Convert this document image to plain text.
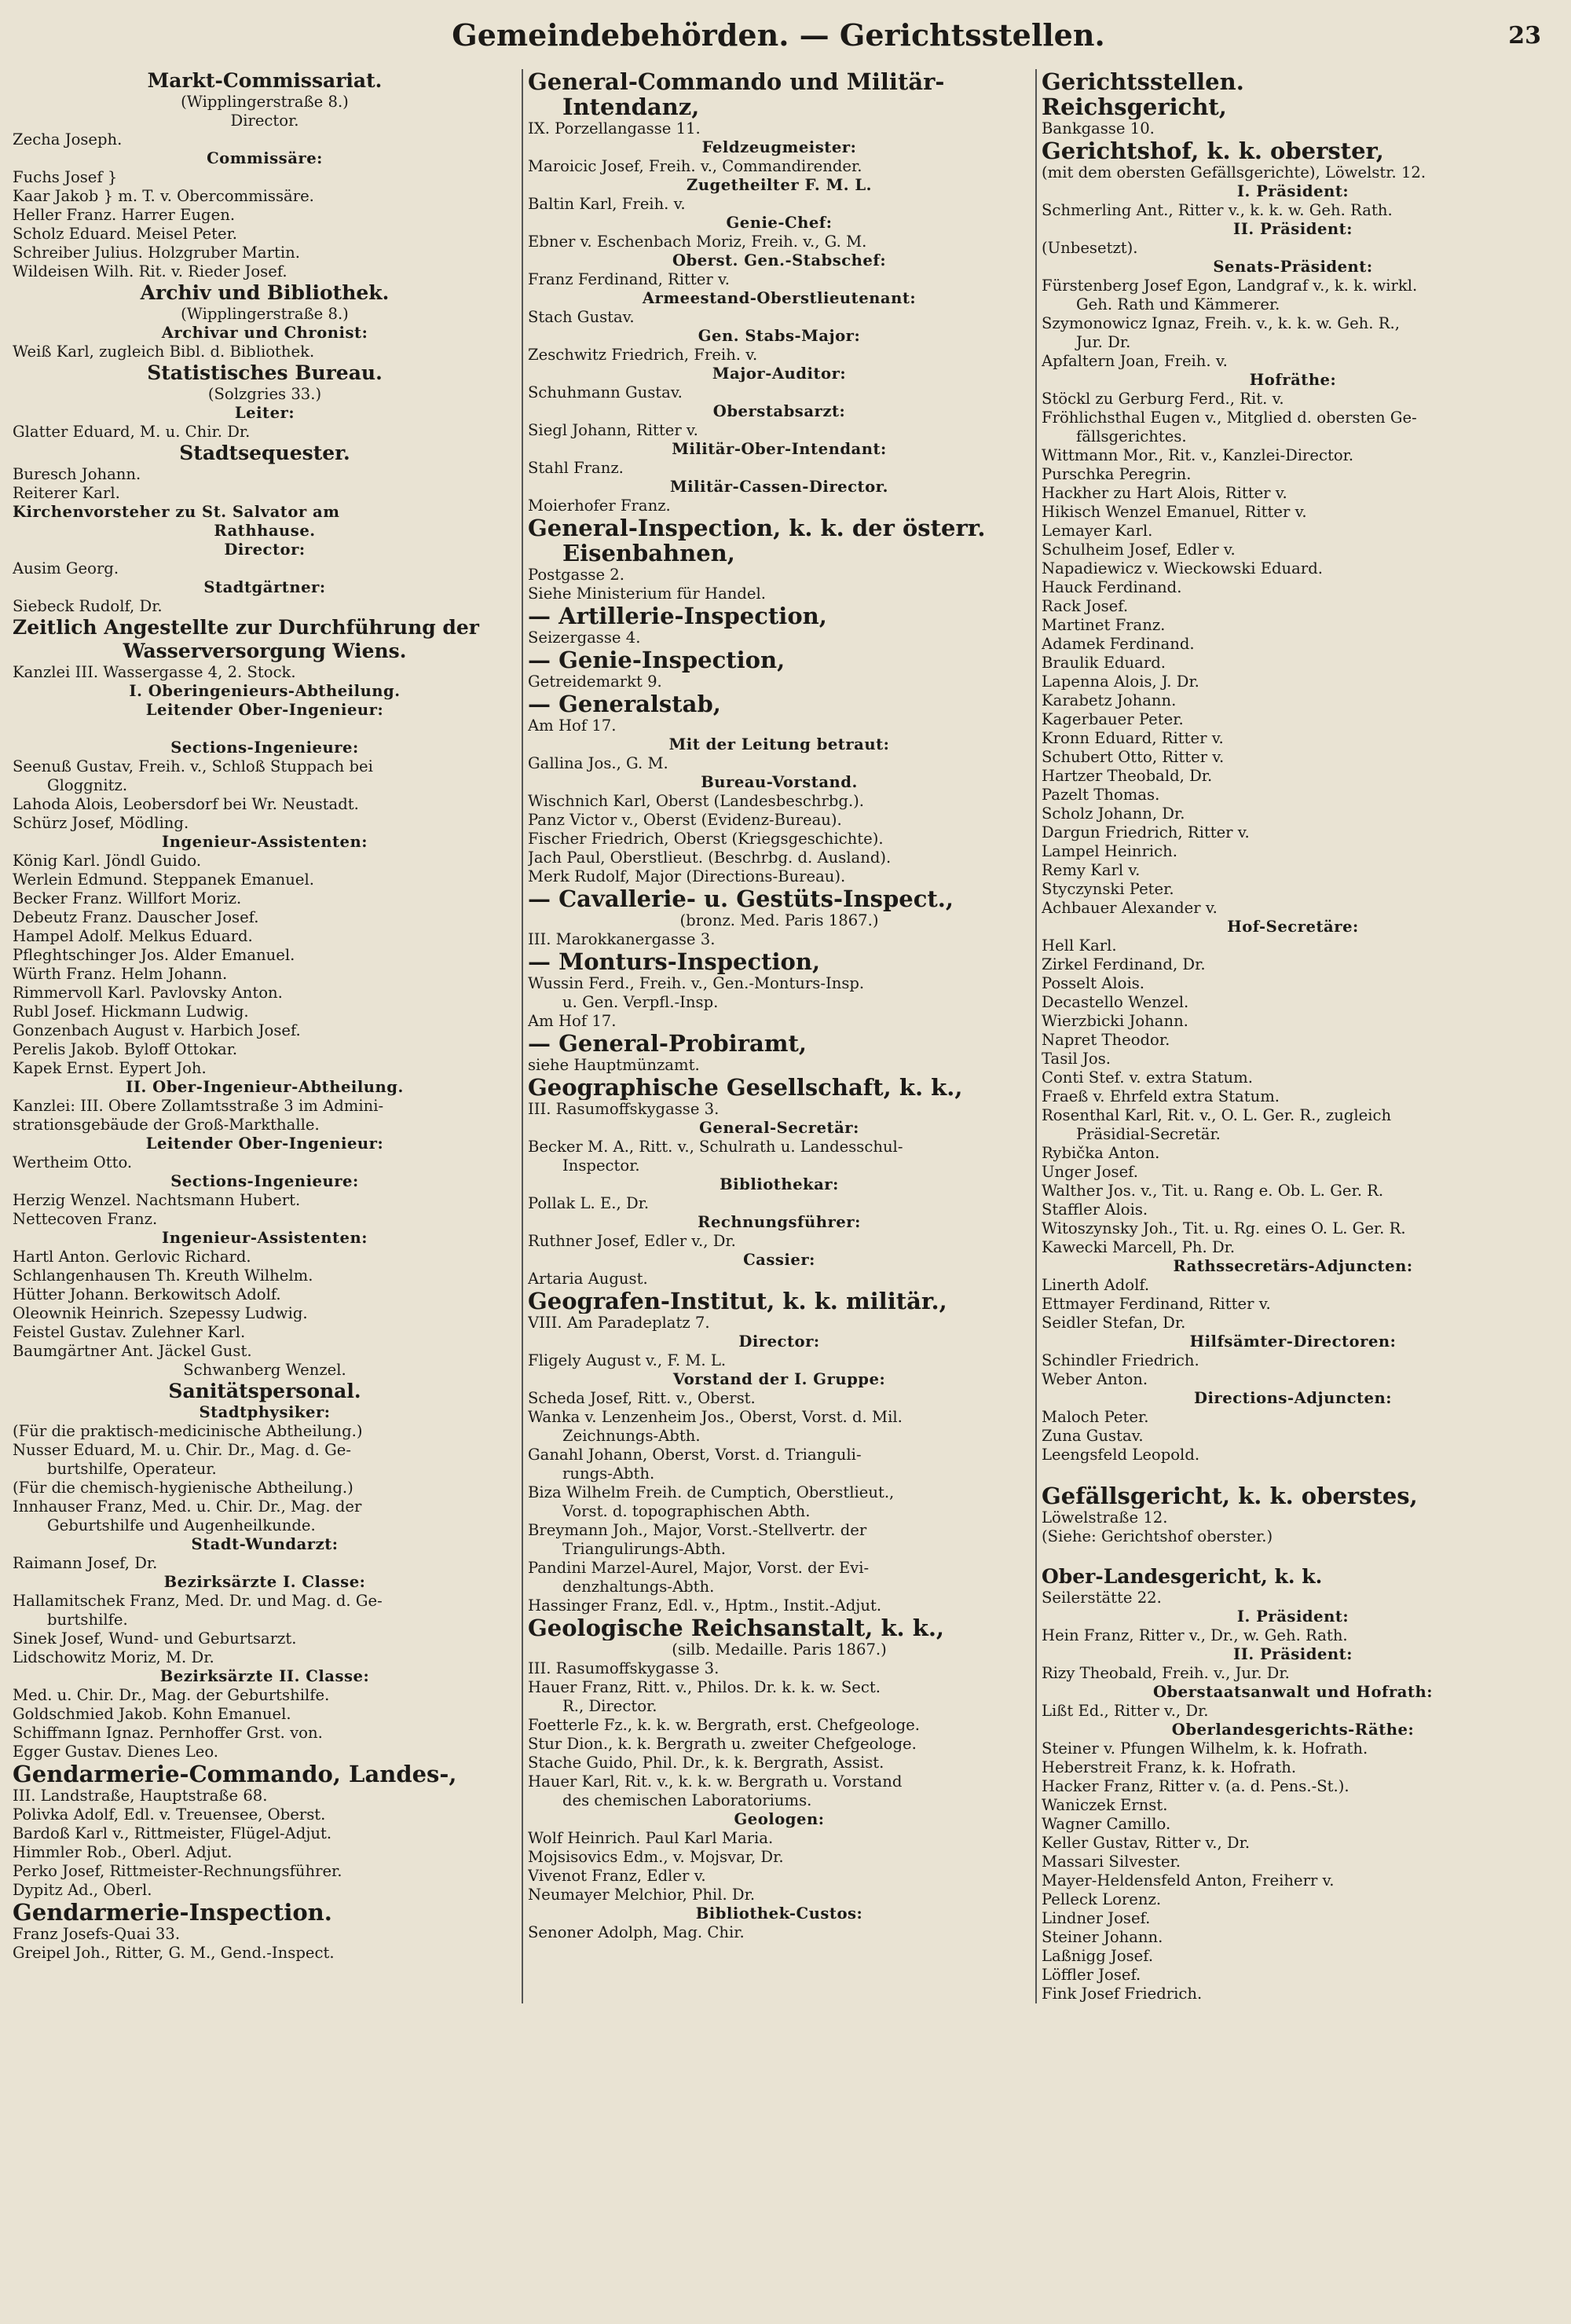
Gemeindebehörden. — Gerichtsstellen.	23
Markt-Commissariat.
(Wipplingerstraße 8.)
Director.
Zecha Joseph.
Commissäre:
Fuchs Josef }
Kaar Jakob } m. T. v. Obercommissäre.
Heller Franz. Harrer Eugen.
Scholz Eduard. Meisel Peter.
Schreiber Julius. Holzgruber Martin.
Wildeisen Wilh. Rit. v. Rieder Josef.
Archiv und Bibliothek.
(Wipplingerstraße 8.)
Archivar und Chronist:
Weiß Karl, zugleich Bibl. d. Bibliothek.
Statistisches Bureau.
(Solzgries 33.)
Leiter:
Glatter Eduard, M. u. Chir. Dr.
Stadtsequester.
Buresch Johann.
Reiterer Karl.
Kirchenvorsteher zu St. Salvator am
Rathhause.
Director:
Ausim Georg.
Stadtgärtner:
Siebeck Rudolf, Dr.
Zeitlich Angestellte zur Durchführung der
Wasserversorgung Wiens.
Kanzlei III. Wassergasse 4, 2. Stock.
I. Oberingenieurs-Abtheilung.
Leitender Ober-Ingenieur:
Sections-Ingenieure:
Seenuß Gustav, Freih. v., Schloß Stuppach bei
Gloggnitz.
Lahoda Alois, Leobersdorf bei Wr. Neustadt.
Schürz Josef, Mödling.
Ingenieur-Assistenten:
König Karl. Jöndl Guido.
Werlein Edmund. Steppanek Emanuel.
Becker Franz. Willfort Moriz.
Debeutz Franz. Dauscher Josef.
Hampel Adolf. Melkus Eduard.
Pfleghtschinger Jos. Alder Emanuel.
Würth Franz. Helm Johann.
Rimmervoll Karl. Pavlovsky Anton.
Rubl Josef. Hickmann Ludwig.
Gonzenbach August v. Harbich Josef.
Perelis Jakob. Byloff Ottokar.
Kapek Ernst. Eypert Joh.
II. Ober-Ingenieur-Abtheilung.
Kanzlei: III. Obere Zollamtsstraße 3 im Admini-
strationsgebäude der Groß-Markthalle.
Leitender Ober-Ingenieur:
Wertheim Otto.
Sections-Ingenieure:
Herzig Wenzel. Nachtsmann Hubert.
Nettecoven Franz.
Ingenieur-Assistenten:
Hartl Anton. Gerlovic Richard.
Schlangenhausen Th. Kreuth Wilhelm.
Hütter Johann. Berkowitsch Adolf.
Oleownik Heinrich. Szepessy Ludwig.
Feistel Gustav. Zulehner Karl.
Baumgärtner Ant. Jäckel Gust.
Schwanberg Wenzel.
Sanitätspersonal.
Stadtphysiker:
(Für die praktisch-medicinische Abtheilung.)
Nusser Eduard, M. u. Chir. Dr., Mag. d. Ge-
burtshilfe, Operateur.
(Für die chemisch-hygienische Abtheilung.)
Innhauser Franz, Med. u. Chir. Dr., Mag. der
Geburtshilfe und Augenheilkunde.
Stadt-Wundarzt:
Raimann Josef, Dr.
Bezirksärzte I. Classe:
Hallamitschek Franz, Med. Dr. und Mag. d. Ge-
burtshilfe.
Sinek Josef, Wund- und Geburtsarzt.
Lidschowitz Moriz, M. Dr.
Bezirksärzte II. Classe:
Med. u. Chir. Dr., Mag. der Geburtshilfe.
Goldschmied Jakob. Kohn Emanuel.
Schiffmann Ignaz. Pernhoffer Grst. von.
Egger Gustav. Dienes Leo.
Gendarmerie-Commando, Landes-,
III. Landstraße, Hauptstraße 68.
Polivka Adolf, Edl. v. Treuensee, Oberst.
Bardoß Karl v., Rittmeister, Flügel-Adjut.
Himmler Rob., Oberl. Adjut.
Perko Josef, Rittmeister-Rechnungsführer.
Dypitz Ad., Oberl.
Gendarmerie-Inspection.
Franz Josefs-Quai 33.
Greipel Joh., Ritter, G. M., Gend.-Inspect.
General-Commando und Militär-
Intendanz,
IX. Porzellangasse 11.
Feldzeugmeister:
Maroicic Josef, Freih. v., Commandirender.
Zugetheilter F. M. L.
Baltin Karl, Freih. v.
Genie-Chef:
Ebner v. Eschenbach Moriz, Freih. v., G. M.
Oberst. Gen.-Stabschef:
Franz Ferdinand, Ritter v.
Armeestand-Oberstlieutenant:
Stach Gustav.
Gen. Stabs-Major:
Zeschwitz Friedrich, Freih. v.
Major-Auditor:
Schuhmann Gustav.
Oberstabsarzt:
Siegl Johann, Ritter v.
Militär-Ober-Intendant:
Stahl Franz.
Militär-Cassen-Director.
Moierhofer Franz.
General-Inspection, k. k. der österr.
Eisenbahnen,
Postgasse 2.
Siehe Ministerium für Handel.
— Artillerie-Inspection,
Seizergasse 4.
— Genie-Inspection,
Getreidemarkt 9.
— Generalstab,
Am Hof 17.
Mit der Leitung betraut:
Gallina Jos., G. M.
Bureau-Vorstand.
Wischnich Karl, Oberst (Landesbeschrbg.).
Panz Victor v., Oberst (Evidenz-Bureau).
Fischer Friedrich, Oberst (Kriegsgeschichte).
Jach Paul, Oberstlieut. (Beschrbg. d. Ausland).
Merk Rudolf, Major (Directions-Bureau).
— Cavallerie- u. Gestüts-Inspect.,
(bronz. Med. Paris 1867.)
III. Marokkanergasse 3.
— Monturs-Inspection,
Wussin Ferd., Freih. v., Gen.-Monturs-Insp.
u. Gen. Verpfl.-Insp.
Am Hof 17.
— General-Probiramt,
siehe Hauptmünzamt.
Geographische Gesellschaft, k. k.,
III. Rasumoffskygasse 3.
General-Secretär:
Becker M. A., Ritt. v., Schulrath u. Landesschul-
Inspector.
Bibliothekar:
Pollak L. E., Dr.
Rechnungsführer:
Ruthner Josef, Edler v., Dr.
Cassier:
Artaria August.
Geografen-Institut, k. k. militär.,
VIII. Am Paradeplatz 7.
Director:
Fligely August v., F. M. L.
Vorstand der I. Gruppe:
Scheda Josef, Ritt. v., Oberst.
Wanka v. Lenzenheim Jos., Oberst, Vorst. d. Mil.
Zeichnungs-Abth.
Ganahl Johann, Oberst, Vorst. d. Trianguli-
rungs-Abth.
Biza Wilhelm Freih. de Cumptich, Oberstlieut.,
Vorst. d. topographischen Abth.
Breymann Joh., Major, Vorst.-Stellvertr. der
Triangulirungs-Abth.
Pandini Marzel-Aurel, Major, Vorst. der Evi-
denzhaltungs-Abth.
Hassinger Franz, Edl. v., Hptm., Instit.-Adjut.
Geologische Reichsanstalt, k. k.,
(silb. Medaille. Paris 1867.)
III. Rasumoffskygasse 3.
Hauer Franz, Ritt. v., Philos. Dr. k. k. w. Sect.
R., Director.
Foetterle Fz., k. k. w. Bergrath, erst. Chefgeologe.
Stur Dion., k. k. Bergrath u. zweiter Chefgeologe.
Stache Guido, Phil. Dr., k. k. Bergrath, Assist.
Hauer Karl, Rit. v., k. k. w. Bergrath u. Vorstand
des chemischen Laboratoriums.
Geologen:
Wolf Heinrich. Paul Karl Maria.
Mojsisovics Edm., v. Mojsvar, Dr.
Vivenot Franz, Edler v.
Neumayer Melchior, Phil. Dr.
Bibliothek-Custos:
Senoner Adolph, Mag. Chir.
Gerichtsstellen.
Reichsgericht,
Bankgasse 10.
Gerichtshof, k. k. oberster,
(mit dem obersten Gefällsgerichte), Löwelstr. 12.
I. Präsident:
Schmerling Ant., Ritter v., k. k. w. Geh. Rath.
II. Präsident:
(Unbesetzt).
Senats-Präsident:
Fürstenberg Josef Egon, Landgraf v., k. k. wirkl.
Geh. Rath und Kämmerer.
Szymonowicz Ignaz, Freih. v., k. k. w. Geh. R.,
Jur. Dr.
Apfaltern Joan, Freih. v.
Hofräthe:
Stöckl zu Gerburg Ferd., Rit. v.
Fröhlichsthal Eugen v., Mitglied d. obersten Ge-
fällsgerichtes.
Wittmann Mor., Rit. v., Kanzlei-Director.
Purschka Peregrin.
Hackher zu Hart Alois, Ritter v.
Hikisch Wenzel Emanuel, Ritter v.
Lemayer Karl.
Schulheim Josef, Edler v.
Napadiewicz v. Wieckowski Eduard.
Hauck Ferdinand.
Rack Josef.
Martinet Franz.
Adamek Ferdinand.
Braulik Eduard.
Lapenna Alois, J. Dr.
Karabetz Johann.
Kagerbauer Peter.
Kronn Eduard, Ritter v.
Schubert Otto, Ritter v.
Hartzer Theobald, Dr.
Pazelt Thomas.
Scholz Johann, Dr.
Dargun Friedrich, Ritter v.
Lampel Heinrich.
Remy Karl v.
Styczynski Peter.
Achbauer Alexander v.
Hof-Secretäre:
Hell Karl.
Zirkel Ferdinand, Dr.
Posselt Alois.
Decastello Wenzel.
Wierzbicki Johann.
Napret Theodor.
Tasil Jos.
Conti Stef. v. extra Statum.
Fraeß v. Ehrfeld extra Statum.
Rosenthal Karl, Rit. v., O. L. Ger. R., zugleich
Präsidial-Secretär.
Rybička Anton.
Unger Josef.
Walther Jos. v., Tit. u. Rang e. Ob. L. Ger. R.
Staffler Alois.
Witoszynsky Joh., Tit. u. Rg. eines O. L. Ger. R.
Kawecki Marcell, Ph. Dr.
Rathssecretärs-Adjuncten:
Linerth Adolf.
Ettmayer Ferdinand, Ritter v.
Seidler Stefan, Dr.
Hilfsämter-Directoren:
Schindler Friedrich.
Weber Anton.
Directions-Adjuncten:
Maloch Peter.
Zuna Gustav.
Leengsfeld Leopold.
Gefällsgericht, k. k. oberstes,
Löwelstraße 12.
(Siehe: Gerichtshof oberster.)
Ober-Landesgericht, k. k.
Seilerstätte 22.
I. Präsident:
Hein Franz, Ritter v., Dr., w. Geh. Rath.
II. Präsident:
Rizy Theobald, Freih. v., Jur. Dr.
Oberstaatsanwalt und Hofrath:
Lißt Ed., Ritter v., Dr.
Oberlandesgerichts-Räthe:
Steiner v. Pfungen Wilhelm, k. k. Hofrath.
Heberstreit Franz, k. k. Hofrath.
Hacker Franz, Ritter v. (a. d. Pens.-St.).
Waniczek Ernst.
Wagner Camillo.
Keller Gustav, Ritter v., Dr.
Massari Silvester.
Mayer-Heldensfeld Anton, Freiherr v.
Pelleck Lorenz.
Lindner Josef.
Steiner Johann.
Laßnigg Josef.
Löffler Josef.
Fink Josef Friedrich.
